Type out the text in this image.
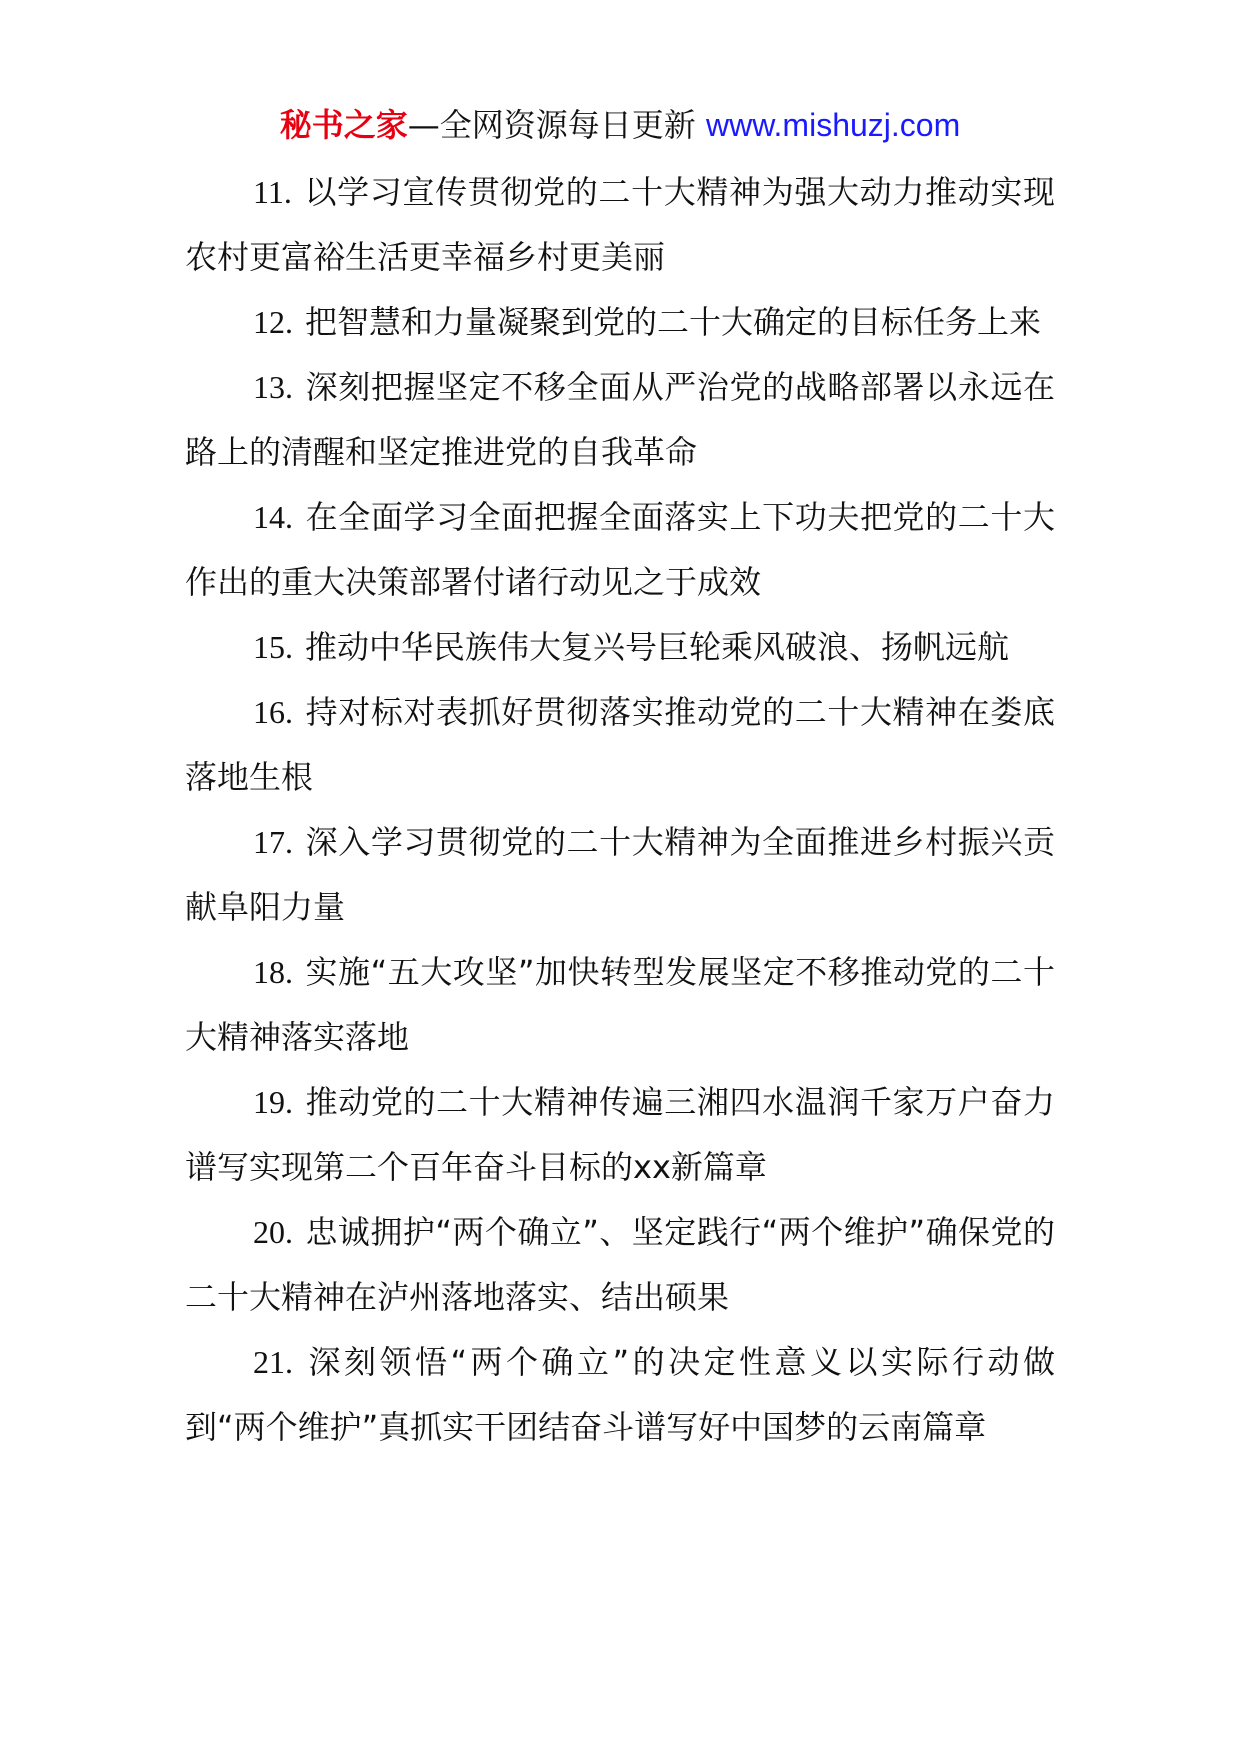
秘书之家—全网资源每日更新 www.mishuzj.com

11. 以学习宣传贯彻党的二十大精神为强大动力推动实现农村更富裕生活更幸福乡村更美丽

12. 把智慧和力量凝聚到党的二十大确定的目标任务上来

13. 深刻把握坚定不移全面从严治党的战略部署以永远在路上的清醒和坚定推进党的自我革命

14. 在全面学习全面把握全面落实上下功夫把党的二十大作出的重大决策部署付诸行动见之于成效

15. 推动中华民族伟大复兴号巨轮乘风破浪、扬帆远航

16. 持对标对表抓好贯彻落实推动党的二十大精神在娄底落地生根

17. 深入学习贯彻党的二十大精神为全面推进乡村振兴贡献阜阳力量

18. 实施“五大攻坚”加快转型发展坚定不移推动党的二十大精神落实落地

19. 推动党的二十大精神传遍三湘四水温润千家万户奋力谱写实现第二个百年奋斗目标的xx新篇章

20. 忠诚拥护“两个确立”、坚定践行“两个维护”确保党的二十大精神在泸州落地落实、结出硕果

21. 深刻领悟“两个确立”的决定性意义以实际行动做到“两个维护”真抓实干团结奋斗谱写好中国梦的云南篇章
